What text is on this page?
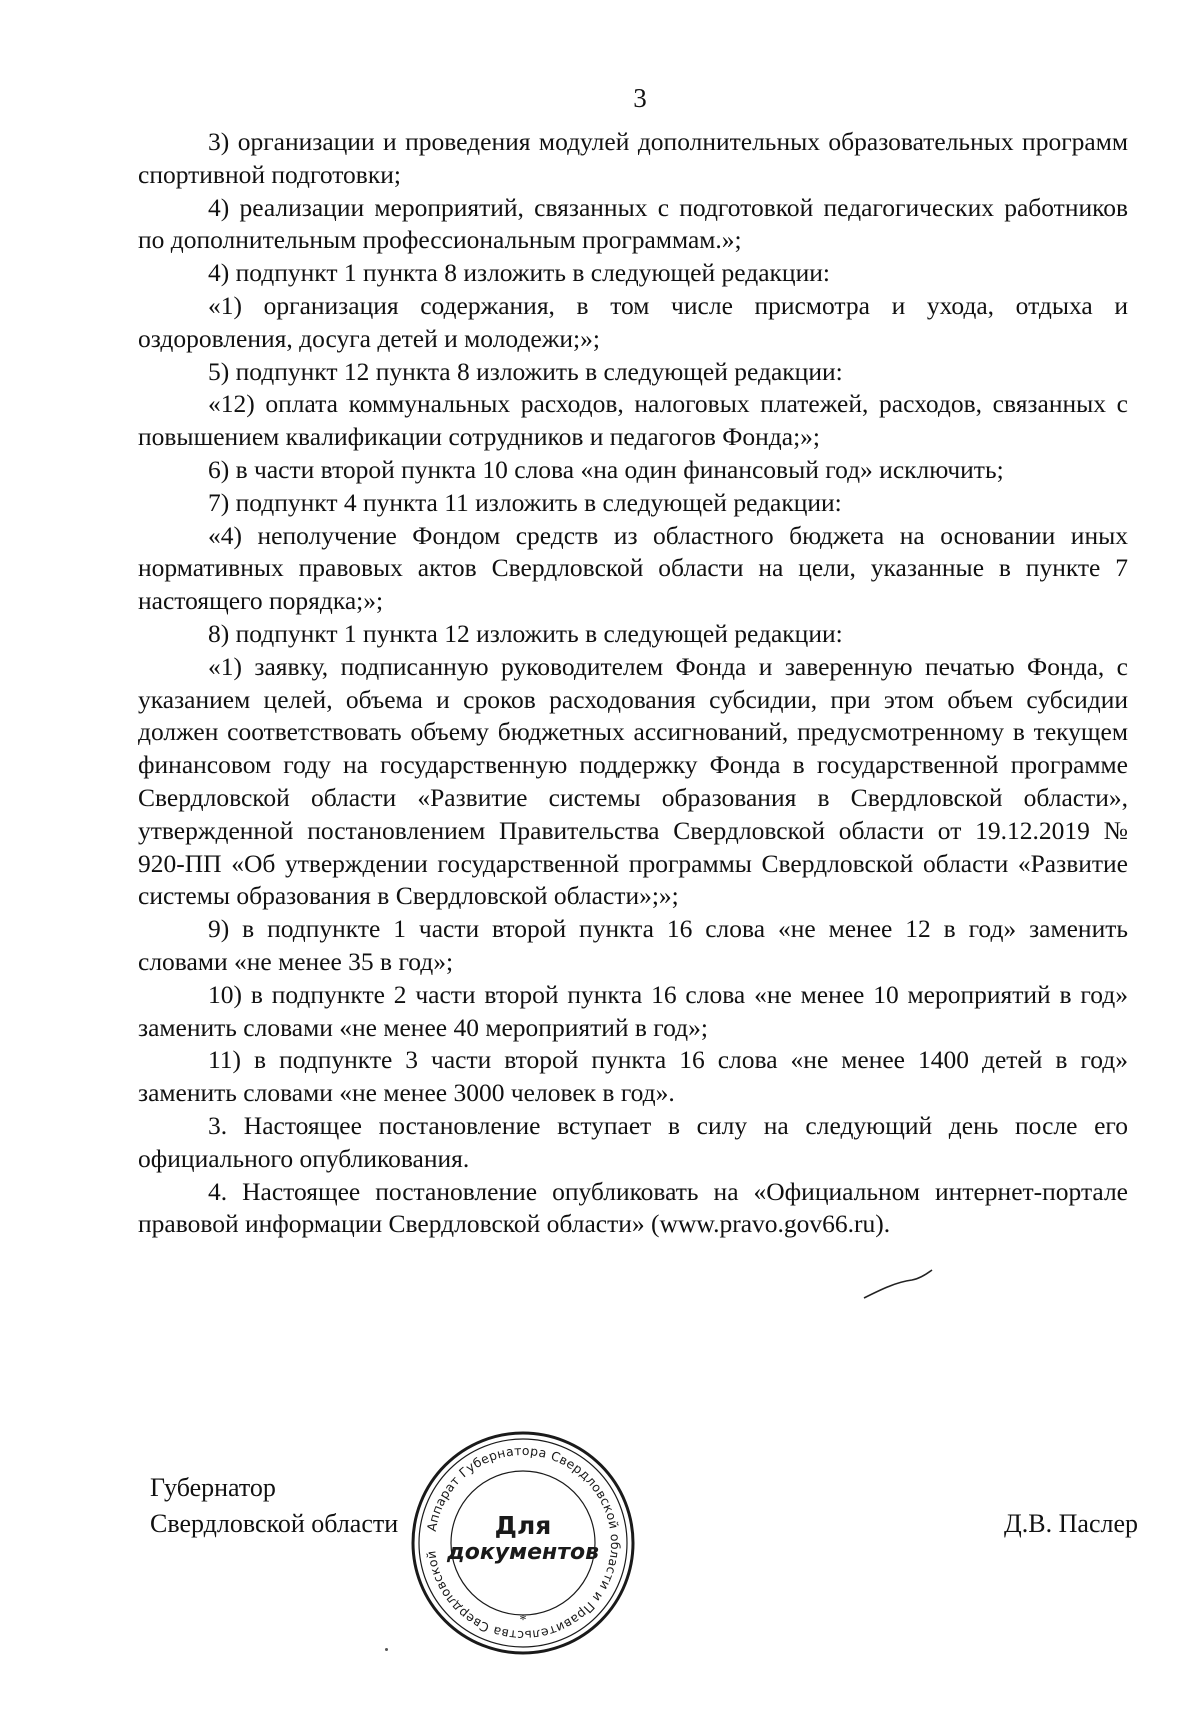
3

3) организации и проведения модулей дополнительных образовательных программ спортивной подготовки;

4) реализации мероприятий, связанных с подготовкой педагогических работников по дополнительным профессиональным программам.»;

4) подпункт 1 пункта 8 изложить в следующей редакции:

«1) организация содержания, в том числе присмотра и ухода, отдыха и оздоровления, досуга детей и молодежи;»;

5) подпункт 12 пункта 8 изложить в следующей редакции:

«12) оплата коммунальных расходов, налоговых платежей, расходов, связанных с повышением квалификации сотрудников и педагогов Фонда;»;

6) в части второй пункта 10 слова «на один финансовый год» исключить;

7) подпункт 4 пункта 11 изложить в следующей редакции:

«4) неполучение Фондом средств из областного бюджета на основании иных нормативных правовых актов Свердловской области на цели, указанные в пункте 7 настоящего порядка;»;

8) подпункт 1 пункта 12 изложить в следующей редакции:

«1) заявку, подписанную руководителем Фонда и заверенную печатью Фонда, с указанием целей, объема и сроков расходования субсидии, при этом объем субсидии должен соответствовать объему бюджетных ассигнований, предусмотренному в текущем финансовом году на государственную поддержку Фонда в государственной программе Свердловской области «Развитие системы образования в Свердловской области», утвержденной постановлением Правительства Свердловской области от 19.12.2019 № 920-ПП «Об утверждении государственной программы Свердловской области «Развитие системы образования в Свердловской области»;»;

9) в подпункте 1 части второй пункта 16 слова «не менее 12 в год» заменить словами «не менее 35 в год»;

10) в подпункте 2 части второй пункта 16 слова «не менее 10 мероприятий в год» заменить словами «не менее 40 мероприятий в год»;

11) в подпункте 3 части второй пункта 16 слова «не менее 1400 детей в год» заменить словами «не менее 3000 человек в год».

3. Настоящее постановление вступает в силу на следующий день после его официального опубликования.

4. Настоящее постановление опубликовать на «Официальном интернет-портале правовой информации Свердловской области» (www.pravo.gov66.ru).

Губернатор
Свердловской области	Аппарат Губернатора Свердловской области и Правительства Свердловской
*
Для
документов
Д.В. Паслер
